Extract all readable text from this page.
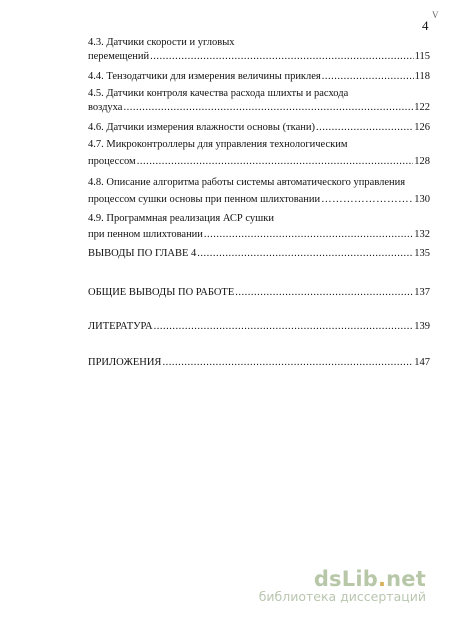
V
4
4.3. Датчики скорости и угловых
перемещений .....	115
4.4. Тензодатчики для измерения величины приклея .....	118
4.5. Датчики контроля качества расхода шлихты и расхода
воздуха .....	122
4.6. Датчики измерения влажности основы (ткани) .....	126
4.7. Микроконтроллеры для управления технологическим
процессом .....	128
4.8. Описание алгоритма работы системы автоматического управления
процессом сушки основы при пенном шлихтовании ……………………………………………………………………………	130
4.9. Программная реализация АСР сушки
при пенном шлихтовании .....	132
ВЫВОДЫ ПО ГЛАВЕ 4 .....	135
ОБЩИЕ ВЫВОДЫ ПО РАБОТЕ .....	137
ЛИТЕРАТУРА .....	139
ПРИЛОЖЕНИЯ .....	147
dsLib.net
библиотека диссертаций
